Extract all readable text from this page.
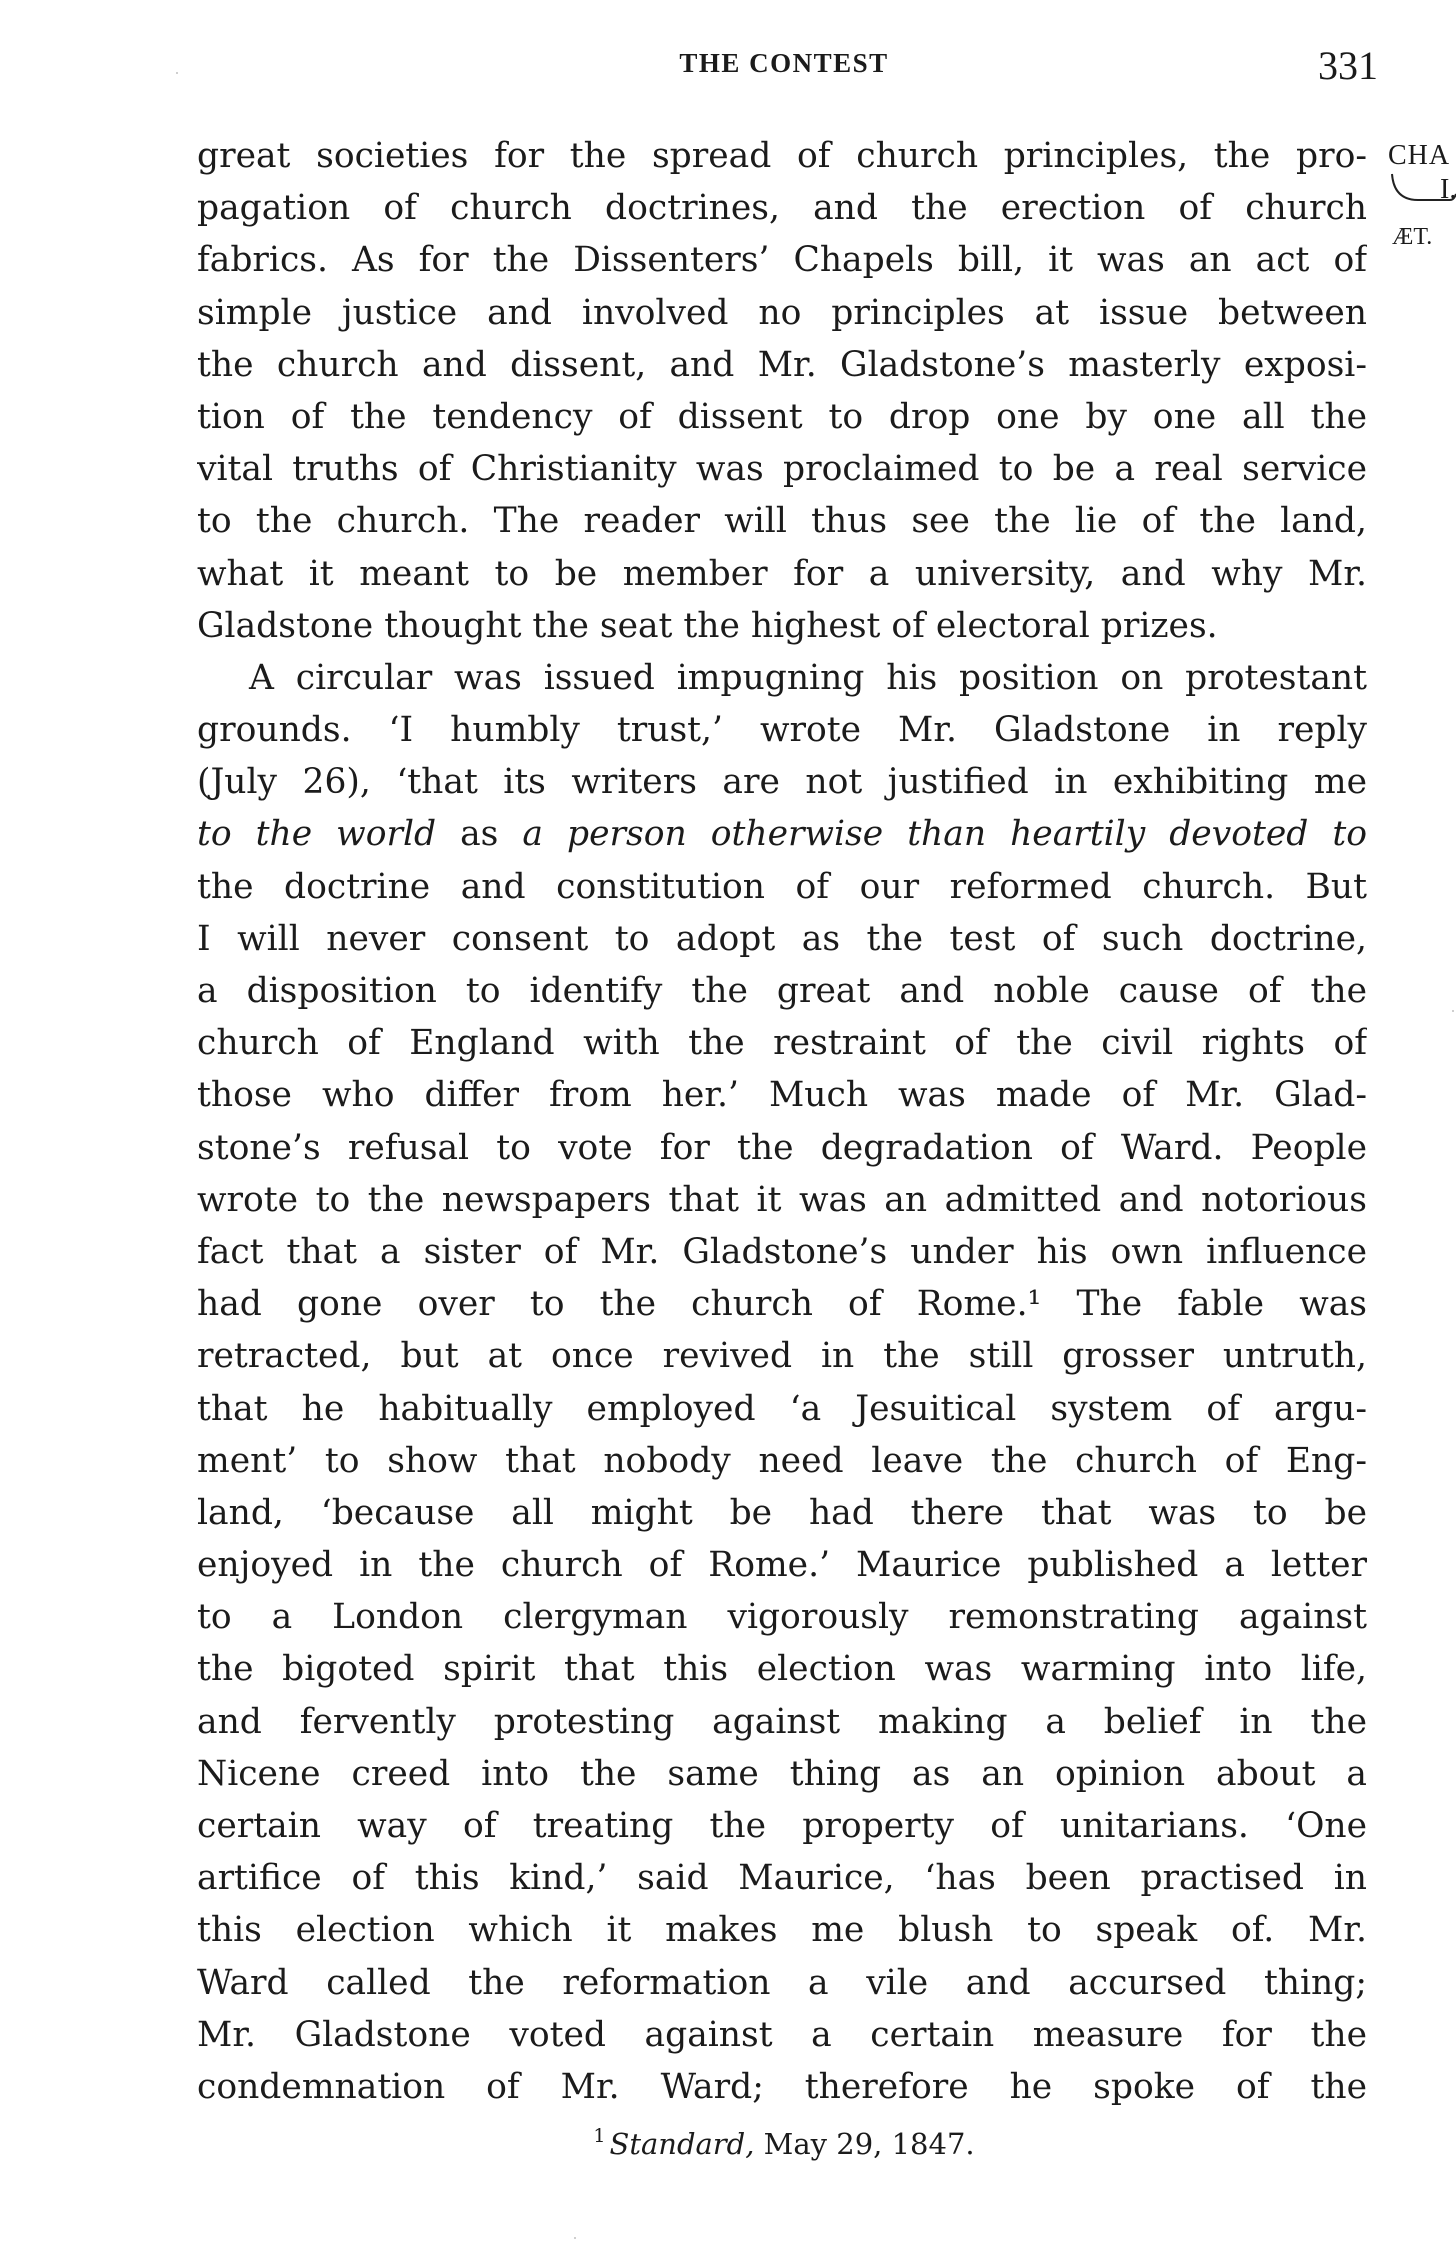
THE CONTEST	331
CHA
I.
ÆT.
great societies for the spread of church principles, the pro-
pagation of church doctrines, and the erection of church
fabrics. As for the Dissenters’ Chapels bill, it was an act of
simple justice and involved no principles at issue between
the church and dissent, and Mr. Gladstone’s masterly exposi-
tion of the tendency of dissent to drop one by one all the
vital truths of Christianity was proclaimed to be a real service
to the church. The reader will thus see the lie of the land,
what it meant to be member for a university, and why Mr.
Gladstone thought the seat the highest of electoral prizes.
A circular was issued impugning his position on protestant
grounds. ‘I humbly trust,’ wrote Mr. Gladstone in reply
(July 26), ‘that its writers are not justified in exhibiting me
to the world as a person otherwise than heartily devoted to
the doctrine and constitution of our reformed church. But
I will never consent to adopt as the test of such doctrine,
a disposition to identify the great and noble cause of the
church of England with the restraint of the civil rights of
those who differ from her.’ Much was made of Mr. Glad-
stone’s refusal to vote for the degradation of Ward. People
wrote to the newspapers that it was an admitted and notorious
fact that a sister of Mr. Gladstone’s under his own influence
had gone over to the church of Rome.¹ The fable was
retracted, but at once revived in the still grosser untruth,
that he habitually employed ‘a Jesuitical system of argu-
ment’ to show that nobody need leave the church of Eng-
land, ‘because all might be had there that was to be
enjoyed in the church of Rome.’ Maurice published a letter
to a London clergyman vigorously remonstrating against
the bigoted spirit that this election was warming into life,
and fervently protesting against making a belief in the
Nicene creed into the same thing as an opinion about a
certain way of treating the property of unitarians. ‘One
artifice of this kind,’ said Maurice, ‘has been practised in
this election which it makes me blush to speak of. Mr.
Ward called the reformation a vile and accursed thing;
Mr. Gladstone voted against a certain measure for the
condemnation of Mr. Ward; therefore he spoke of the
$^1$ Standard, May 29, 1847.
